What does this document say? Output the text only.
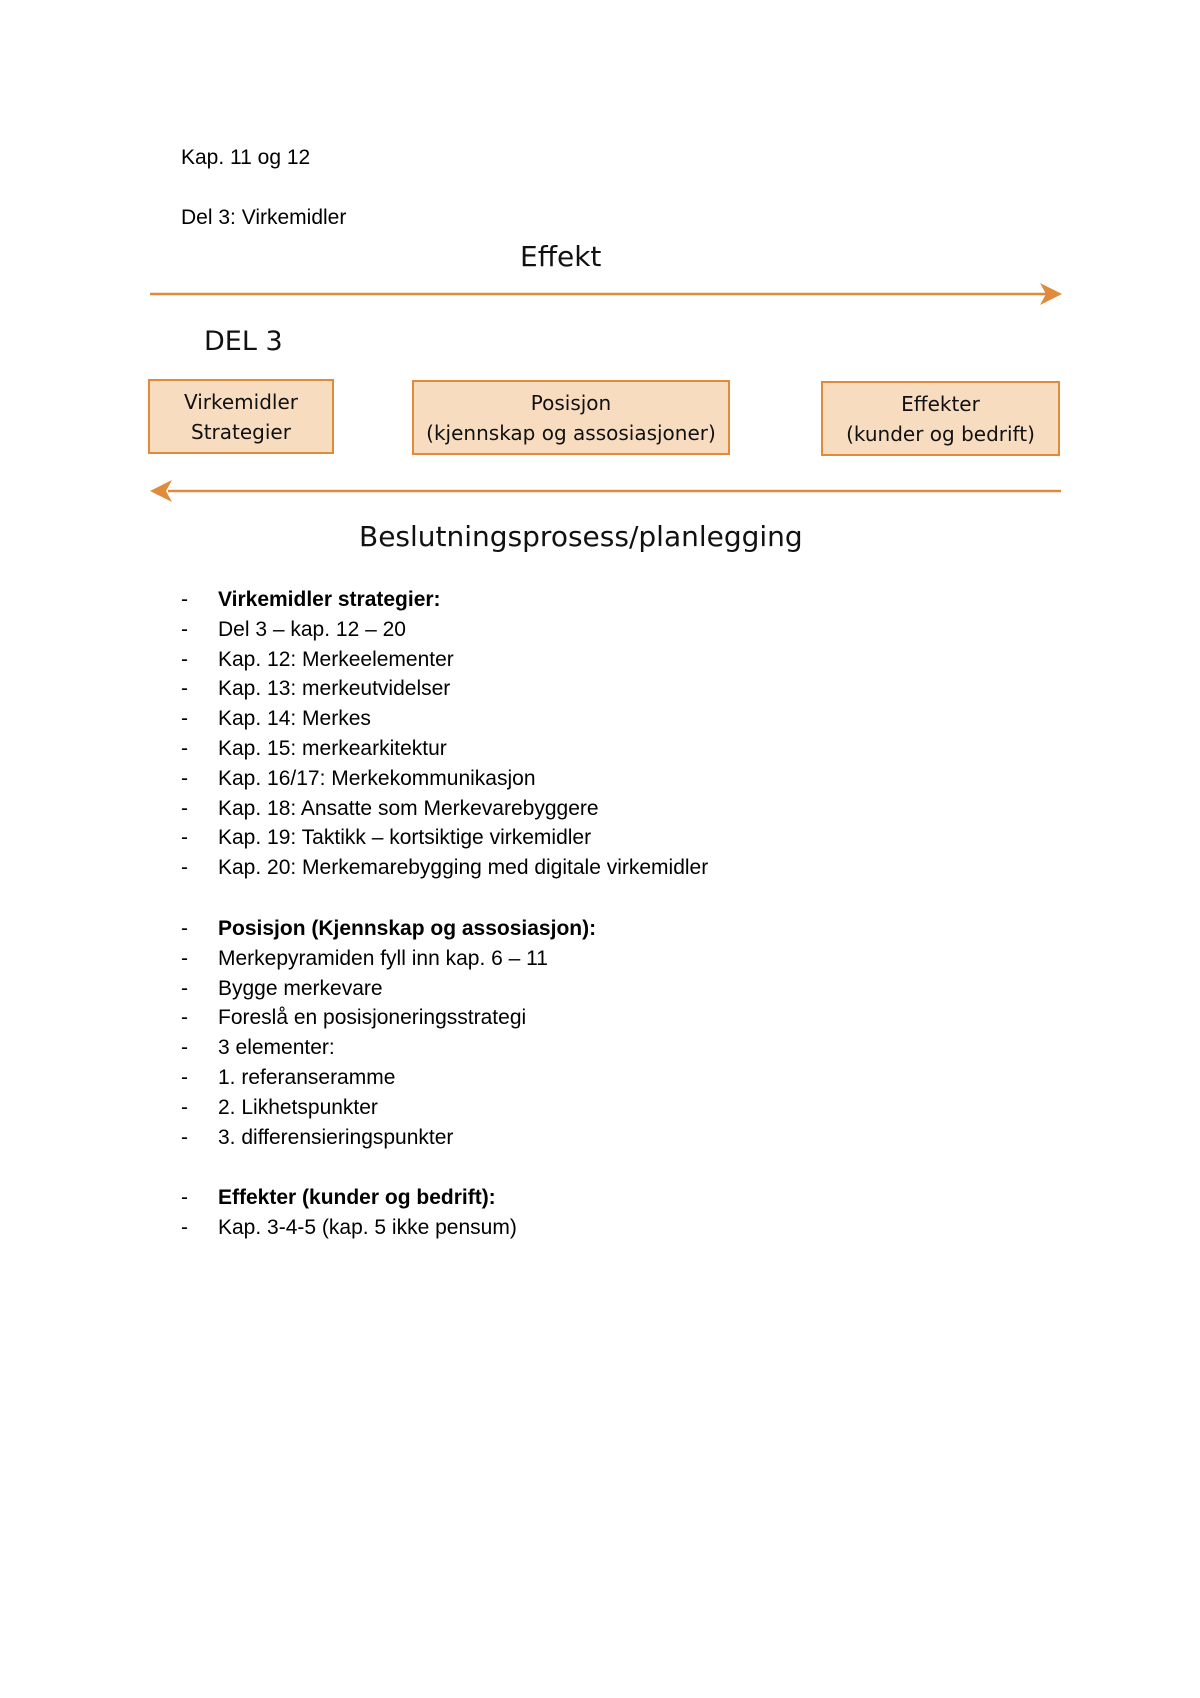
Kap. 11 og 12
Del 3: Virkemidler
Effekt
DEL 3
Virkemidler
Strategier
Posisjon
(kjennskap og assosiasjoner)
Effekter
(kunder og bedrift)
Beslutningsprosess/planlegging
- Virkemidler strategier:
- Del 3 – kap. 12 – 20
- Kap. 12: Merkeelementer
- Kap. 13: merkeutvidelser
- Kap. 14: Merkes
- Kap. 15: merkearkitektur
- Kap. 16/17: Merkekommunikasjon
- Kap. 18: Ansatte som Merkevarebyggere
- Kap. 19: Taktikk – kortsiktige virkemidler
- Kap. 20: Merkemarebygging med digitale virkemidler
- Posisjon (Kjennskap og assosiasjon):
- Merkepyramiden fyll inn kap. 6 – 11
- Bygge merkevare
- Foreslå en posisjoneringsstrategi
- 3 elementer:
- 1. referanseramme
- 2. Likhetspunkter
- 3. differensieringspunkter
- Effekter (kunder og bedrift):
- Kap. 3-4-5 (kap. 5 ikke pensum)
